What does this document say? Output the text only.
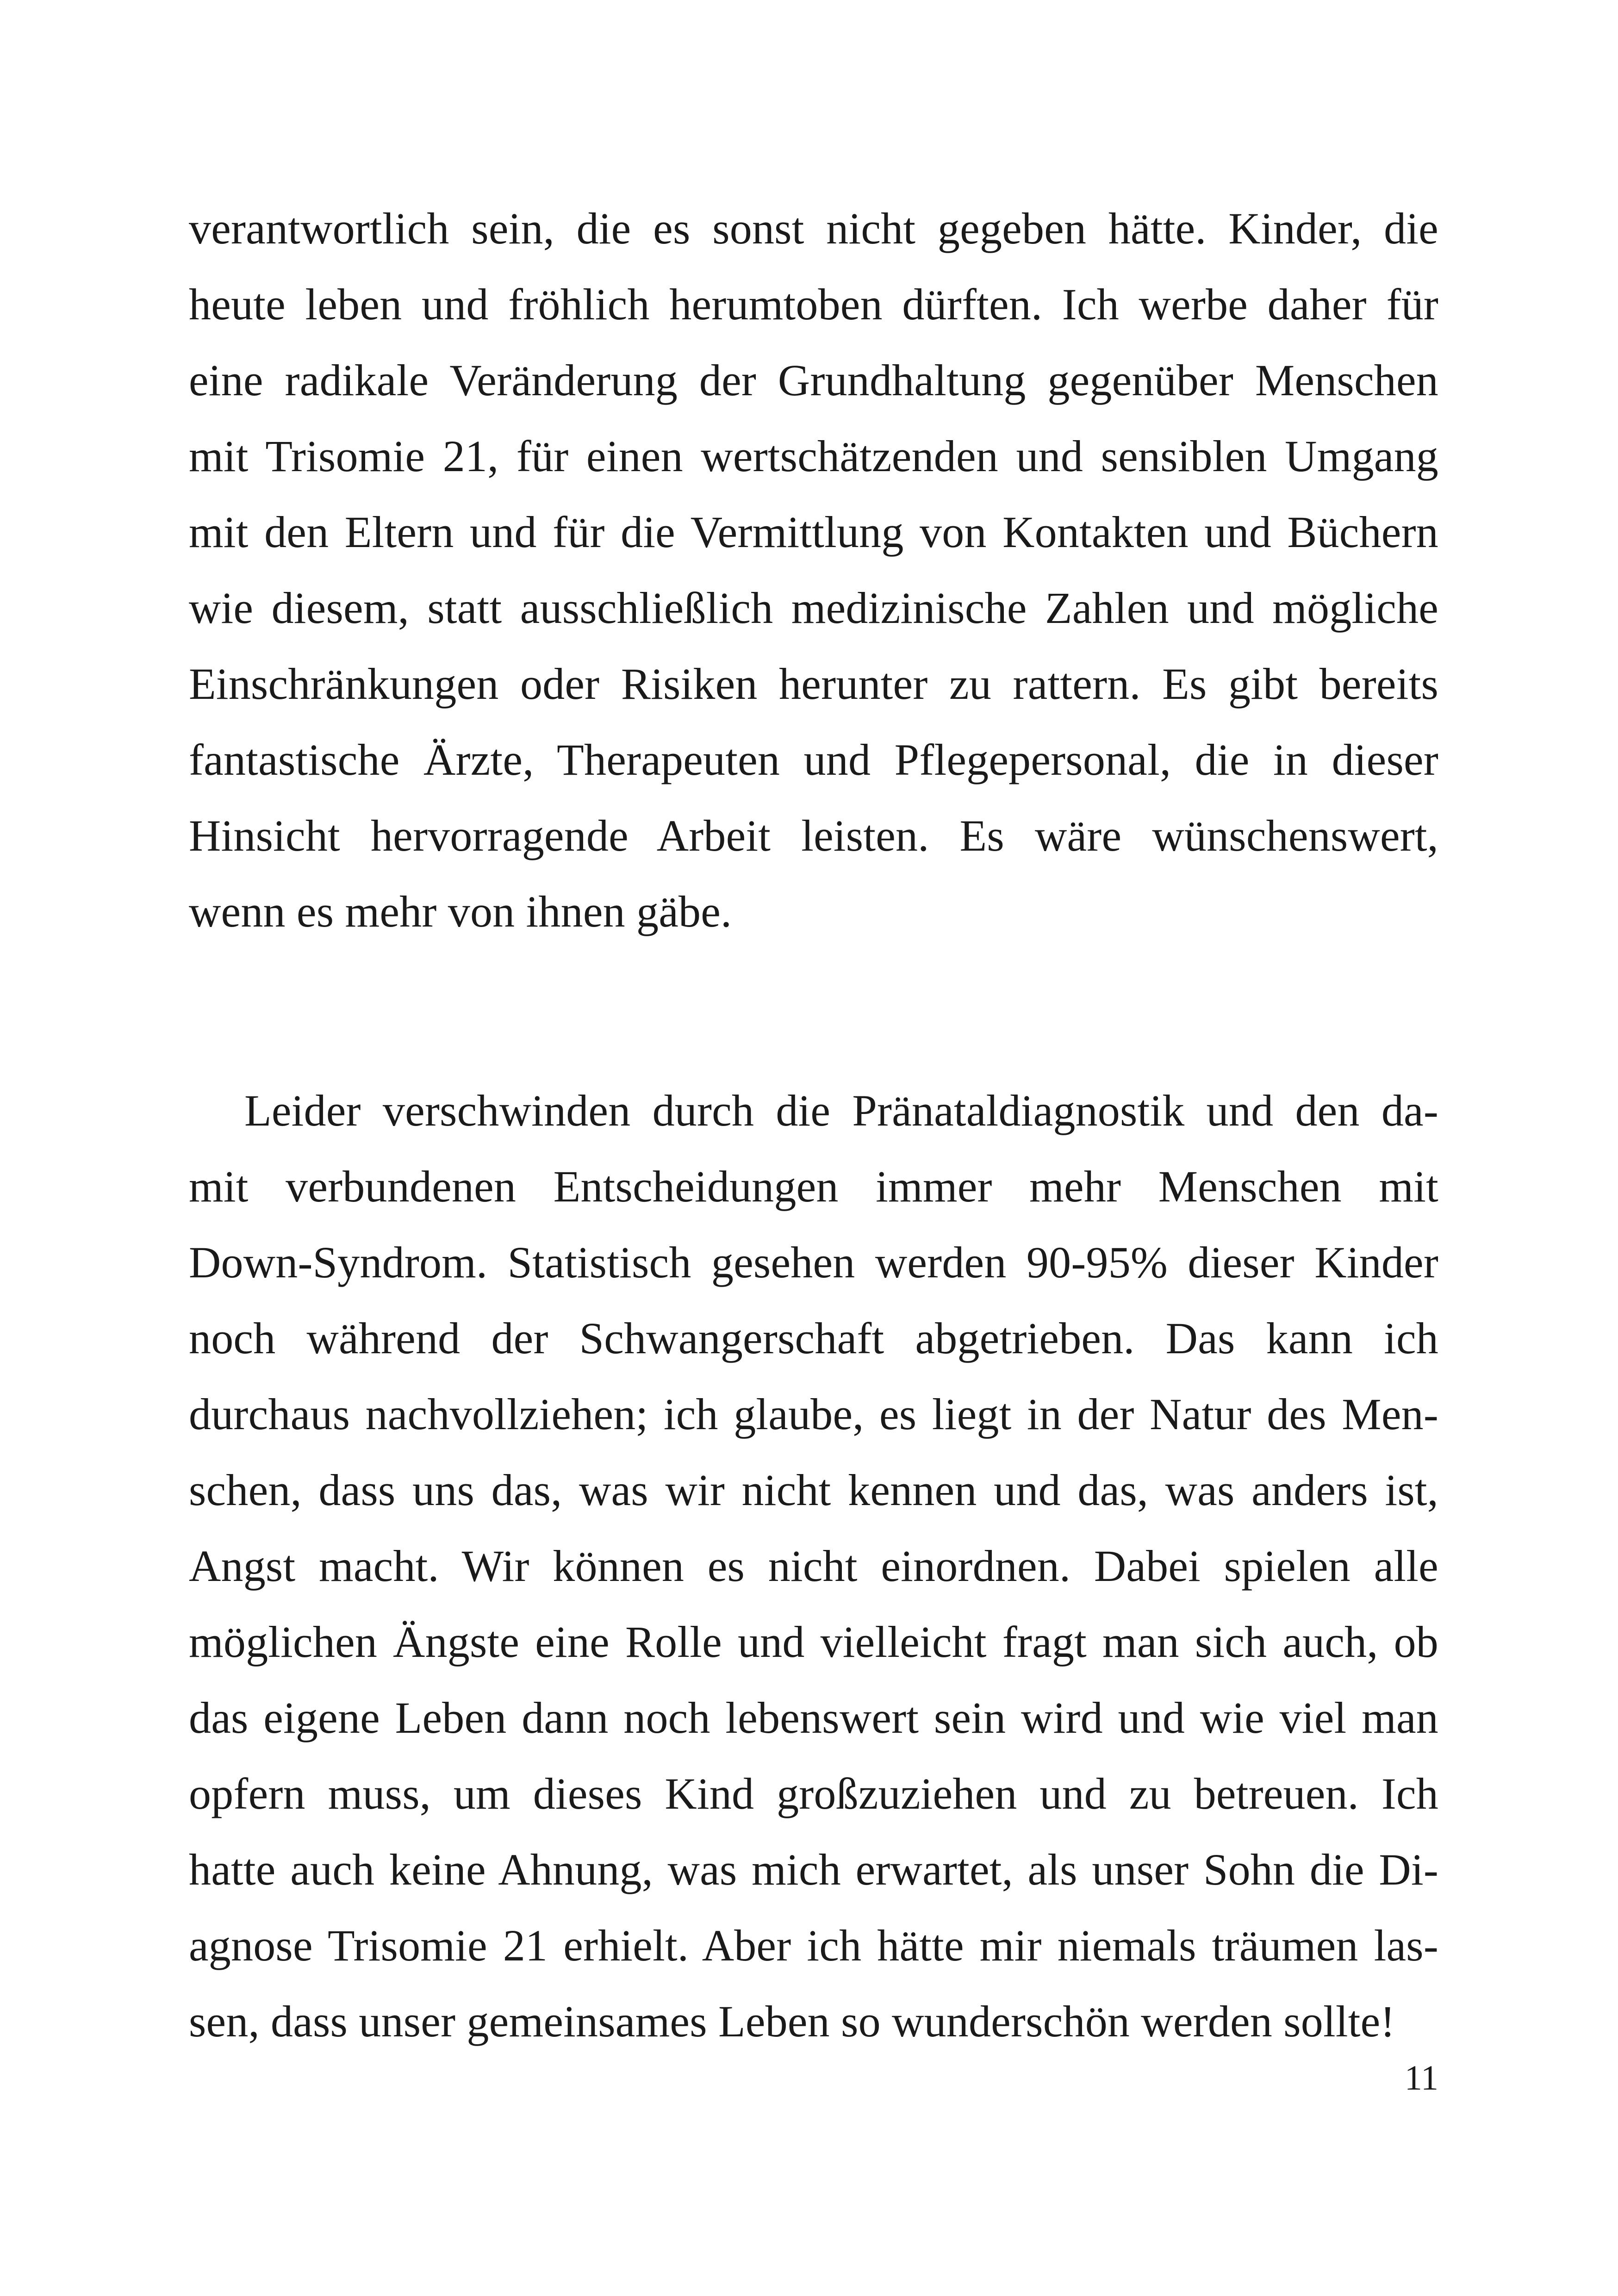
verantwortlich sein, die es sonst nicht gegeben hätte. Kinder, die
heute leben und fröhlich herumtoben dürften. Ich werbe daher für
eine radikale Veränderung der Grundhaltung gegenüber Menschen
mit Trisomie 21, für einen wertschätzenden und sensiblen Umgang
mit den Eltern und für die Vermittlung von Kontakten und Büchern
wie diesem, statt ausschließlich medizinische Zahlen und mögliche
Einschränkungen oder Risiken herunter zu rattern. Es gibt bereits
fantastische Ärzte, Therapeuten und Pflegepersonal, die in dieser
Hinsicht hervorragende Arbeit leisten. Es wäre wünschenswert,
wenn es mehr von ihnen gäbe.

Leider verschwinden durch die Pränataldiagnostik und den da-
mit verbundenen Entscheidungen immer mehr Menschen mit
Down-Syndrom. Statistisch gesehen werden 90-95% dieser Kinder
noch während der Schwangerschaft abgetrieben. Das kann ich
durchaus nachvollziehen; ich glaube, es liegt in der Natur des Men-
schen, dass uns das, was wir nicht kennen und das, was anders ist,
Angst macht. Wir können es nicht einordnen. Dabei spielen alle
möglichen Ängste eine Rolle und vielleicht fragt man sich auch, ob
das eigene Leben dann noch lebenswert sein wird und wie viel man
opfern muss, um dieses Kind großzuziehen und zu betreuen. Ich
hatte auch keine Ahnung, was mich erwartet, als unser Sohn die Di-
agnose Trisomie 21 erhielt. Aber ich hätte mir niemals träumen las-
sen, dass unser gemeinsames Leben so wunderschön werden sollte!

11
